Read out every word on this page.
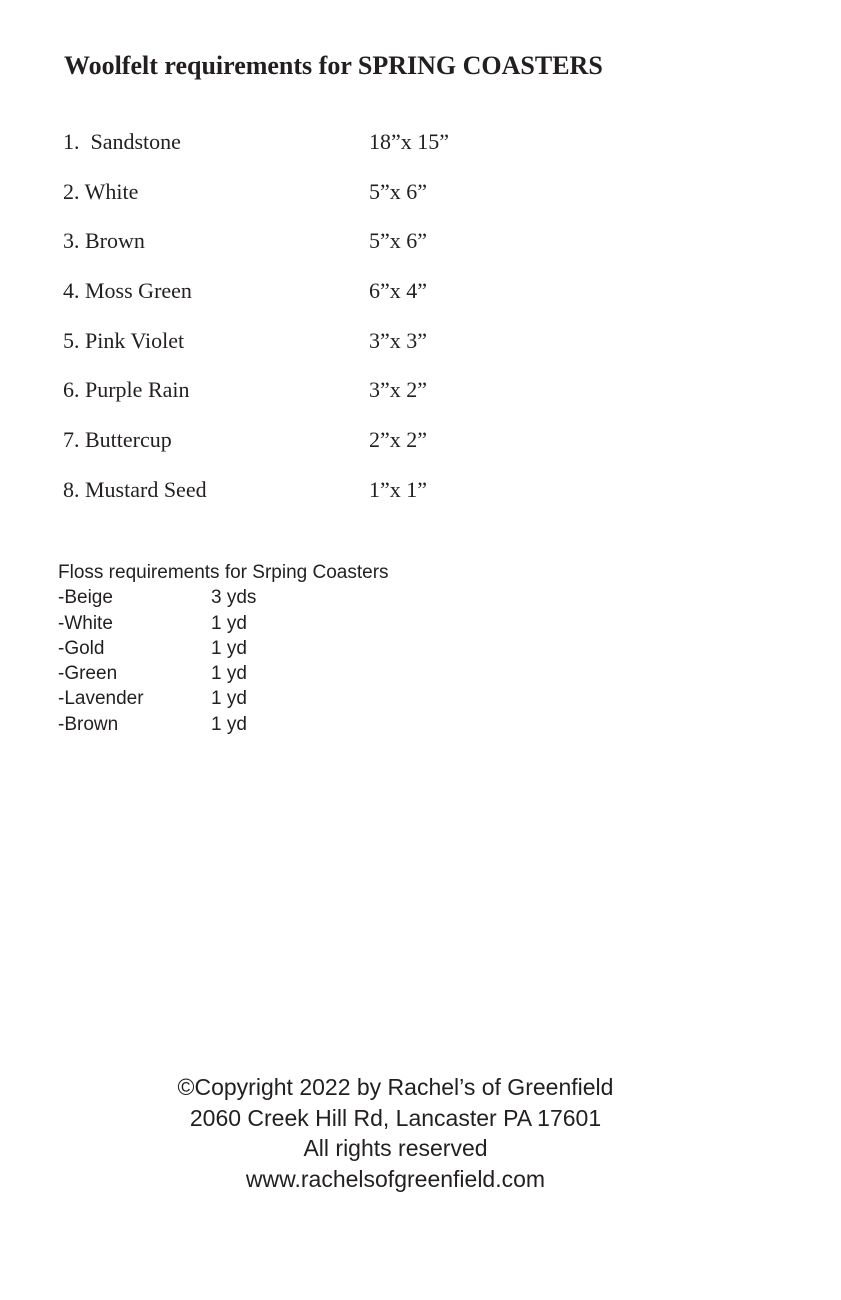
Woolfelt requirements for SPRING COASTERS
1.  Sandstone	18”x 15”
2. White	5”x 6”
3. Brown	5”x 6”
4. Moss Green	6”x 4”
5. Pink Violet	3”x 3”
6. Purple Rain	3”x 2”
7. Buttercup	2”x 2”
8. Mustard Seed	1”x 1”
Floss requirements for Srping Coasters
-Beige	3 yds
-White	1 yd
-Gold	1 yd
-Green	1 yd
-Lavender	1 yd
-Brown	1 yd
©Copyright 2022 by Rachel’s of Greenfield
2060 Creek Hill Rd, Lancaster PA 17601
All rights reserved
www.rachelsofgreenfield.com
